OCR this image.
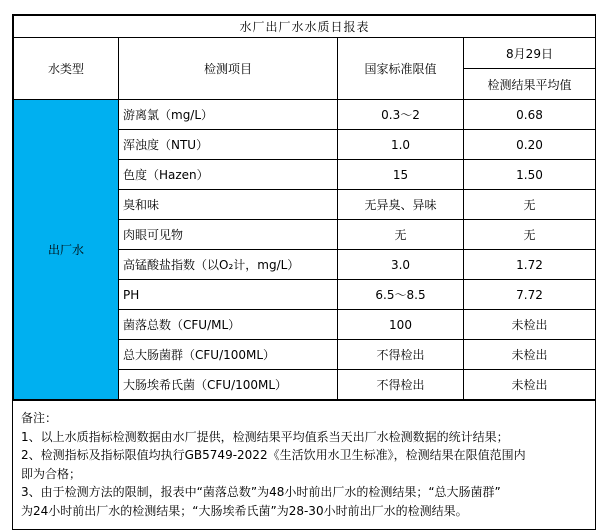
水厂出厂水水质日报表			
水类型	检测项目	国家标准限值	8月29日
			检测结果平均值
出厂水	游离氯（mg/L）	0.3～2	0.68
	浑浊度（NTU）	1.0	0.20
	色度（Hazen）	15	1.50
	臭和味	无异臭、异味	无
	肉眼可见物	无	无
	高锰酸盐指数（以O₂计，mg/L）	3.0	1.72
	PH	6.5～8.5	7.72
	菌落总数（CFU/ML）	100	未检出
	总大肠菌群（CFU/100ML）	不得检出	未检出
	大肠埃希氏菌（CFU/100ML）	不得检出	未检出

备注：

1、以上水质指标检测数据由水厂提供，检测结果平均值系当天出厂水检测数据的统计结果；

2、检测指标及指标限值均执行GB5749-2022《生活饮用水卫生标准》，检测结果在限值范围内

即为合格；

3、由于检测方法的限制，报表中“菌落总数”为48小时前出厂水的检测结果；“总大肠菌群”

为24小时前出厂水的检测结果；“大肠埃希氏菌”为28-30小时前出厂水的检测结果。
